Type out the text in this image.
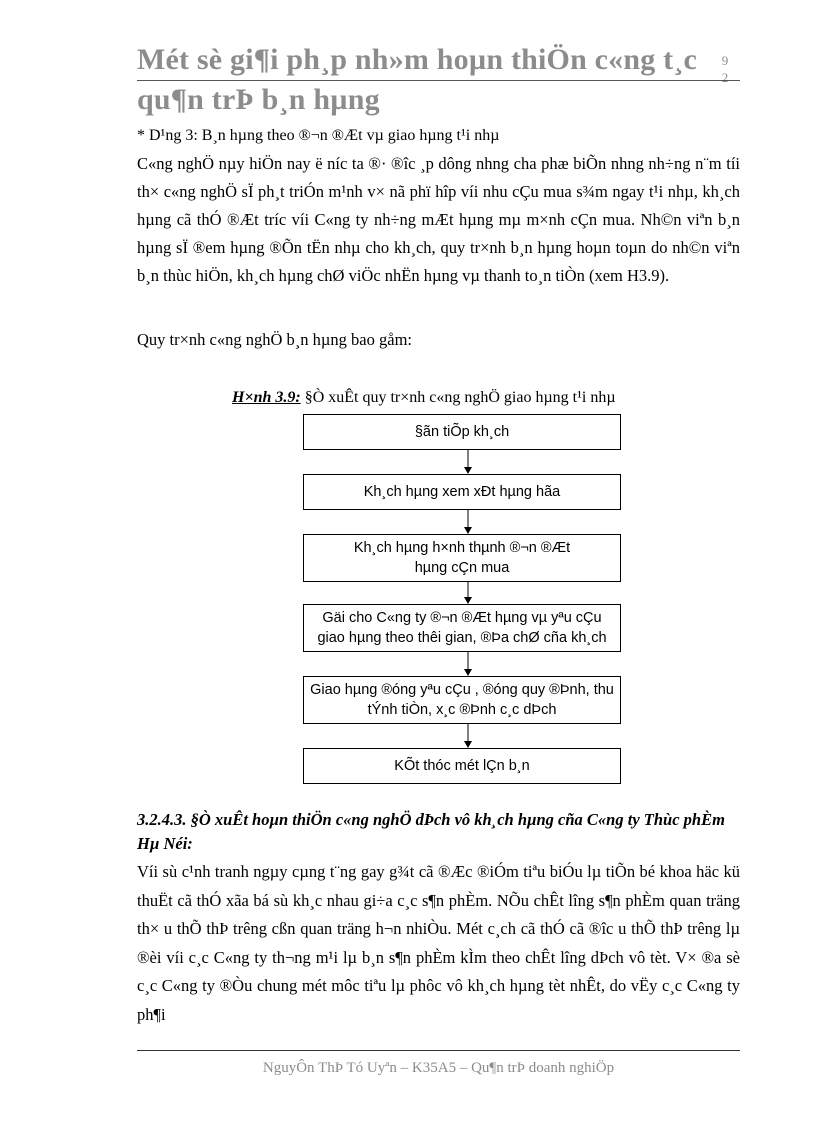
Mét sè gi¶i ph¸p nh»m hoµn thiÖn c«ng t¸c qu¶n trÞ b¸n hµng
9
2
* D¹ng 3: B¸n hµng theo ®¬n ®Æt vµ giao hµng t¹i nhµ
C«ng nghÖ nµy hiÖn nay ë níc ta ®· ®îc ¸p dông nhng cha phæ biÕn nhng nh÷ng n¨m tíi th× c«ng nghÖ sÏ ph¸t triÓn m¹nh v× nã phï hîp víi nhu cÇu mua s¾m ngay t¹i nhµ, kh¸ch hµng cã thÓ ®Æt tríc víi C«ng ty nh÷ng mÆt hµng mµ m×nh cÇn mua. Nh©n viªn b¸n hµng sÏ ®em hµng ®Õn tËn nhµ cho kh¸ch, quy tr×nh b¸n hµng hoµn toµn do nh©n viªn b¸n thùc hiÖn, kh¸ch hµng chØ viÖc nhËn hµng vµ thanh to¸n tiÒn (xem H3.9).
Quy tr×nh c«ng nghÖ b¸n hµng bao gåm:
H×nh 3.9: §Ò xuÊt quy tr×nh c«ng nghÖ giao hµng t¹i nhµ
§ãn tiÕp kh¸ch
Kh¸ch hµng xem xÐt hµng hãa
Kh¸ch hµng h×nh thµnh ®¬n ®Æt hµng cÇn mua
Gäi cho C«ng ty ®¬n ®Æt hµng vµ yªu cÇu giao hµng theo thêi gian, ®Þa chØ cña kh¸ch
Giao hµng ®óng yªu cÇu , ®óng quy ®Þnh, thu tÝnh tiÒn, x¸c ®Þnh c¸c dÞch
KÕt thóc mét lÇn b¸n
3.2.4.3. §Ò xuÊt hoµn thiÖn c«ng nghÖ dÞch vô kh¸ch hµng cña C«ng ty Thùc phÈm Hµ Néi:
Víi sù c¹nh tranh ngµy cµng t¨ng gay g¾t cã ®Æc ®iÓm tiªu biÓu lµ tiÕn bé khoa häc kü thuËt cã thÓ xãa bá sù kh¸c nhau gi÷a c¸c s¶n phÈm. NÕu chÊt lîng s¶n phÈm quan träng th× u thÕ thÞ trêng cßn quan träng h¬n nhiÒu. Mét c¸ch cã thÓ cã ®îc u thÕ thÞ trêng lµ ®èi víi c¸c C«ng ty th¬ng m¹i lµ b¸n s¶n phÈm kÌm theo chÊt lîng dÞch vô tèt. V× ®a sè c¸c C«ng ty ®Òu chung mét môc tiªu lµ phôc vô kh¸ch hµng tèt nhÊt, do vËy c¸c C«ng ty ph¶i
NguyÔn ThÞ Tó Uyªn – K35A5 – Qu¶n trÞ doanh nghiÖp
